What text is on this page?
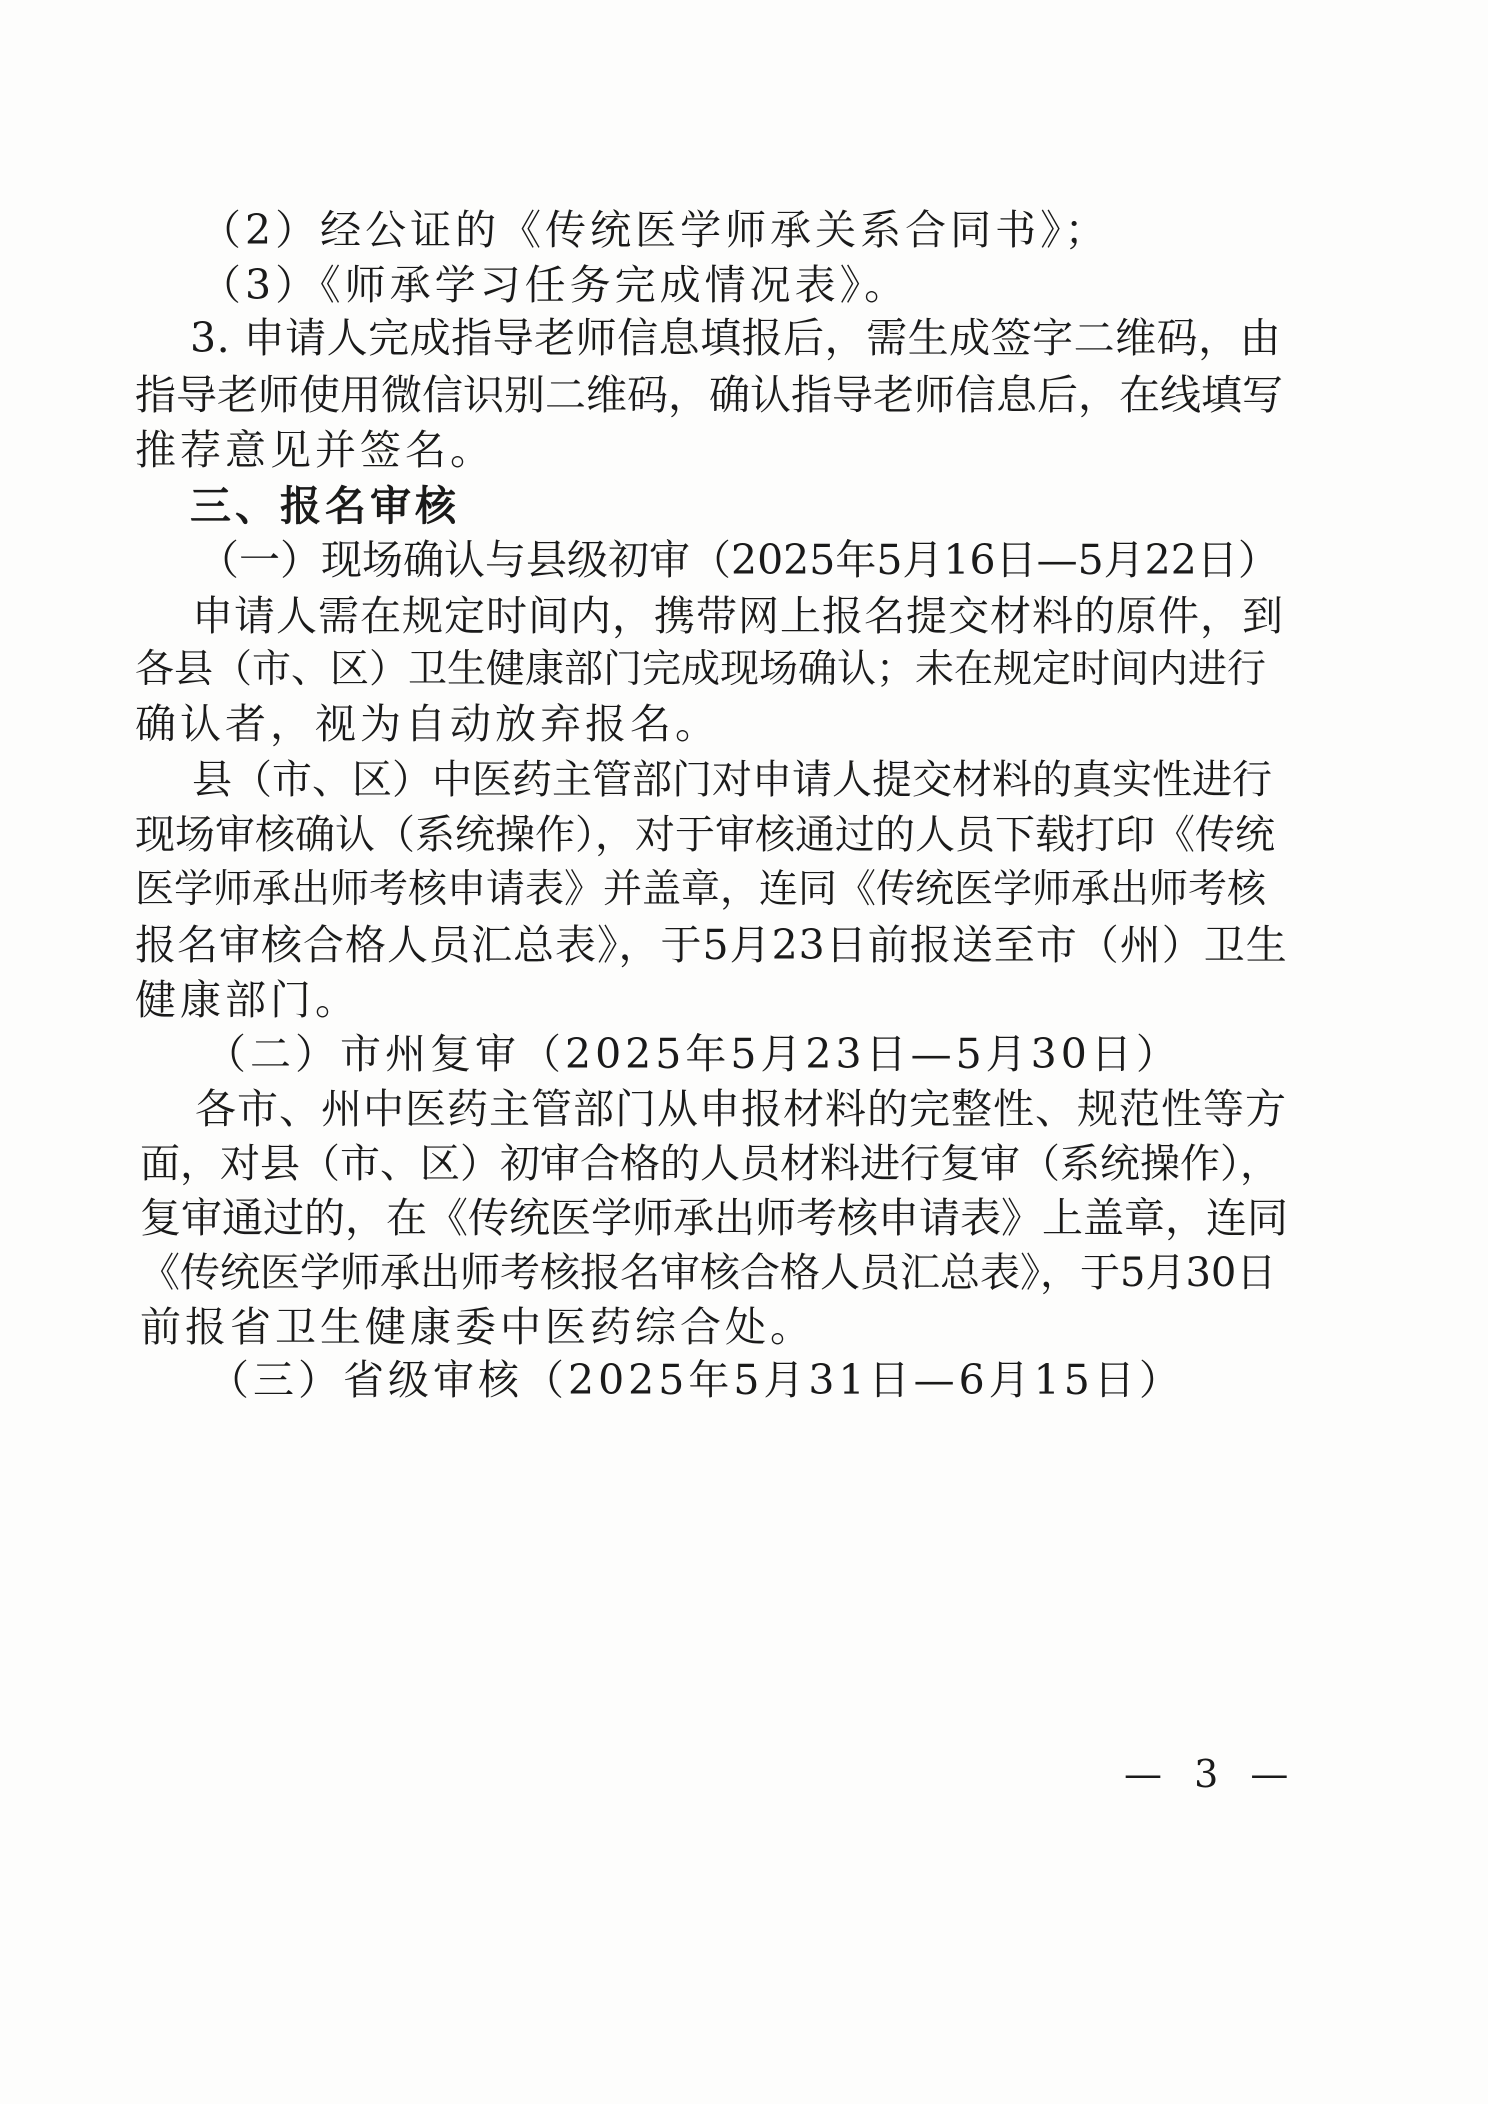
（2）经公证的《传统医学师承关系合同书》；
（3）《师承学习任务完成情况表》。
3. 申请人完成指导老师信息填报后，需生成签字二维码，由
指导老师使用微信识别二维码，确认指导老师信息后，在线填写
推荐意见并签名。
三、报名审核
（一）现场确认与县级初审（2025年5月16日—5月22日）
申请人需在规定时间内，携带网上报名提交材料的原件，到
各县（市、区）卫生健康部门完成现场确认；未在规定时间内进行
确认者，视为自动放弃报名。
县（市、区）中医药主管部门对申请人提交材料的真实性进行
现场审核确认（系统操作），对于审核通过的人员下载打印《传统
医学师承出师考核申请表》并盖章，连同《传统医学师承出师考核
报名审核合格人员汇总表》，于5月23日前报送至市（州）卫生
健康部门。
（二）市州复审（2025年5月23日—5月30日）
各市、州中医药主管部门从申报材料的完整性、规范性等方
面，对县（市、区）初审合格的人员材料进行复审（系统操作），
复审通过的，在《传统医学师承出师考核申请表》上盖章，连同
《传统医学师承出师考核报名审核合格人员汇总表》，于5月30日
前报省卫生健康委中医药综合处。
（三）省级审核（2025年5月31日—6月15日）
— 3 —
